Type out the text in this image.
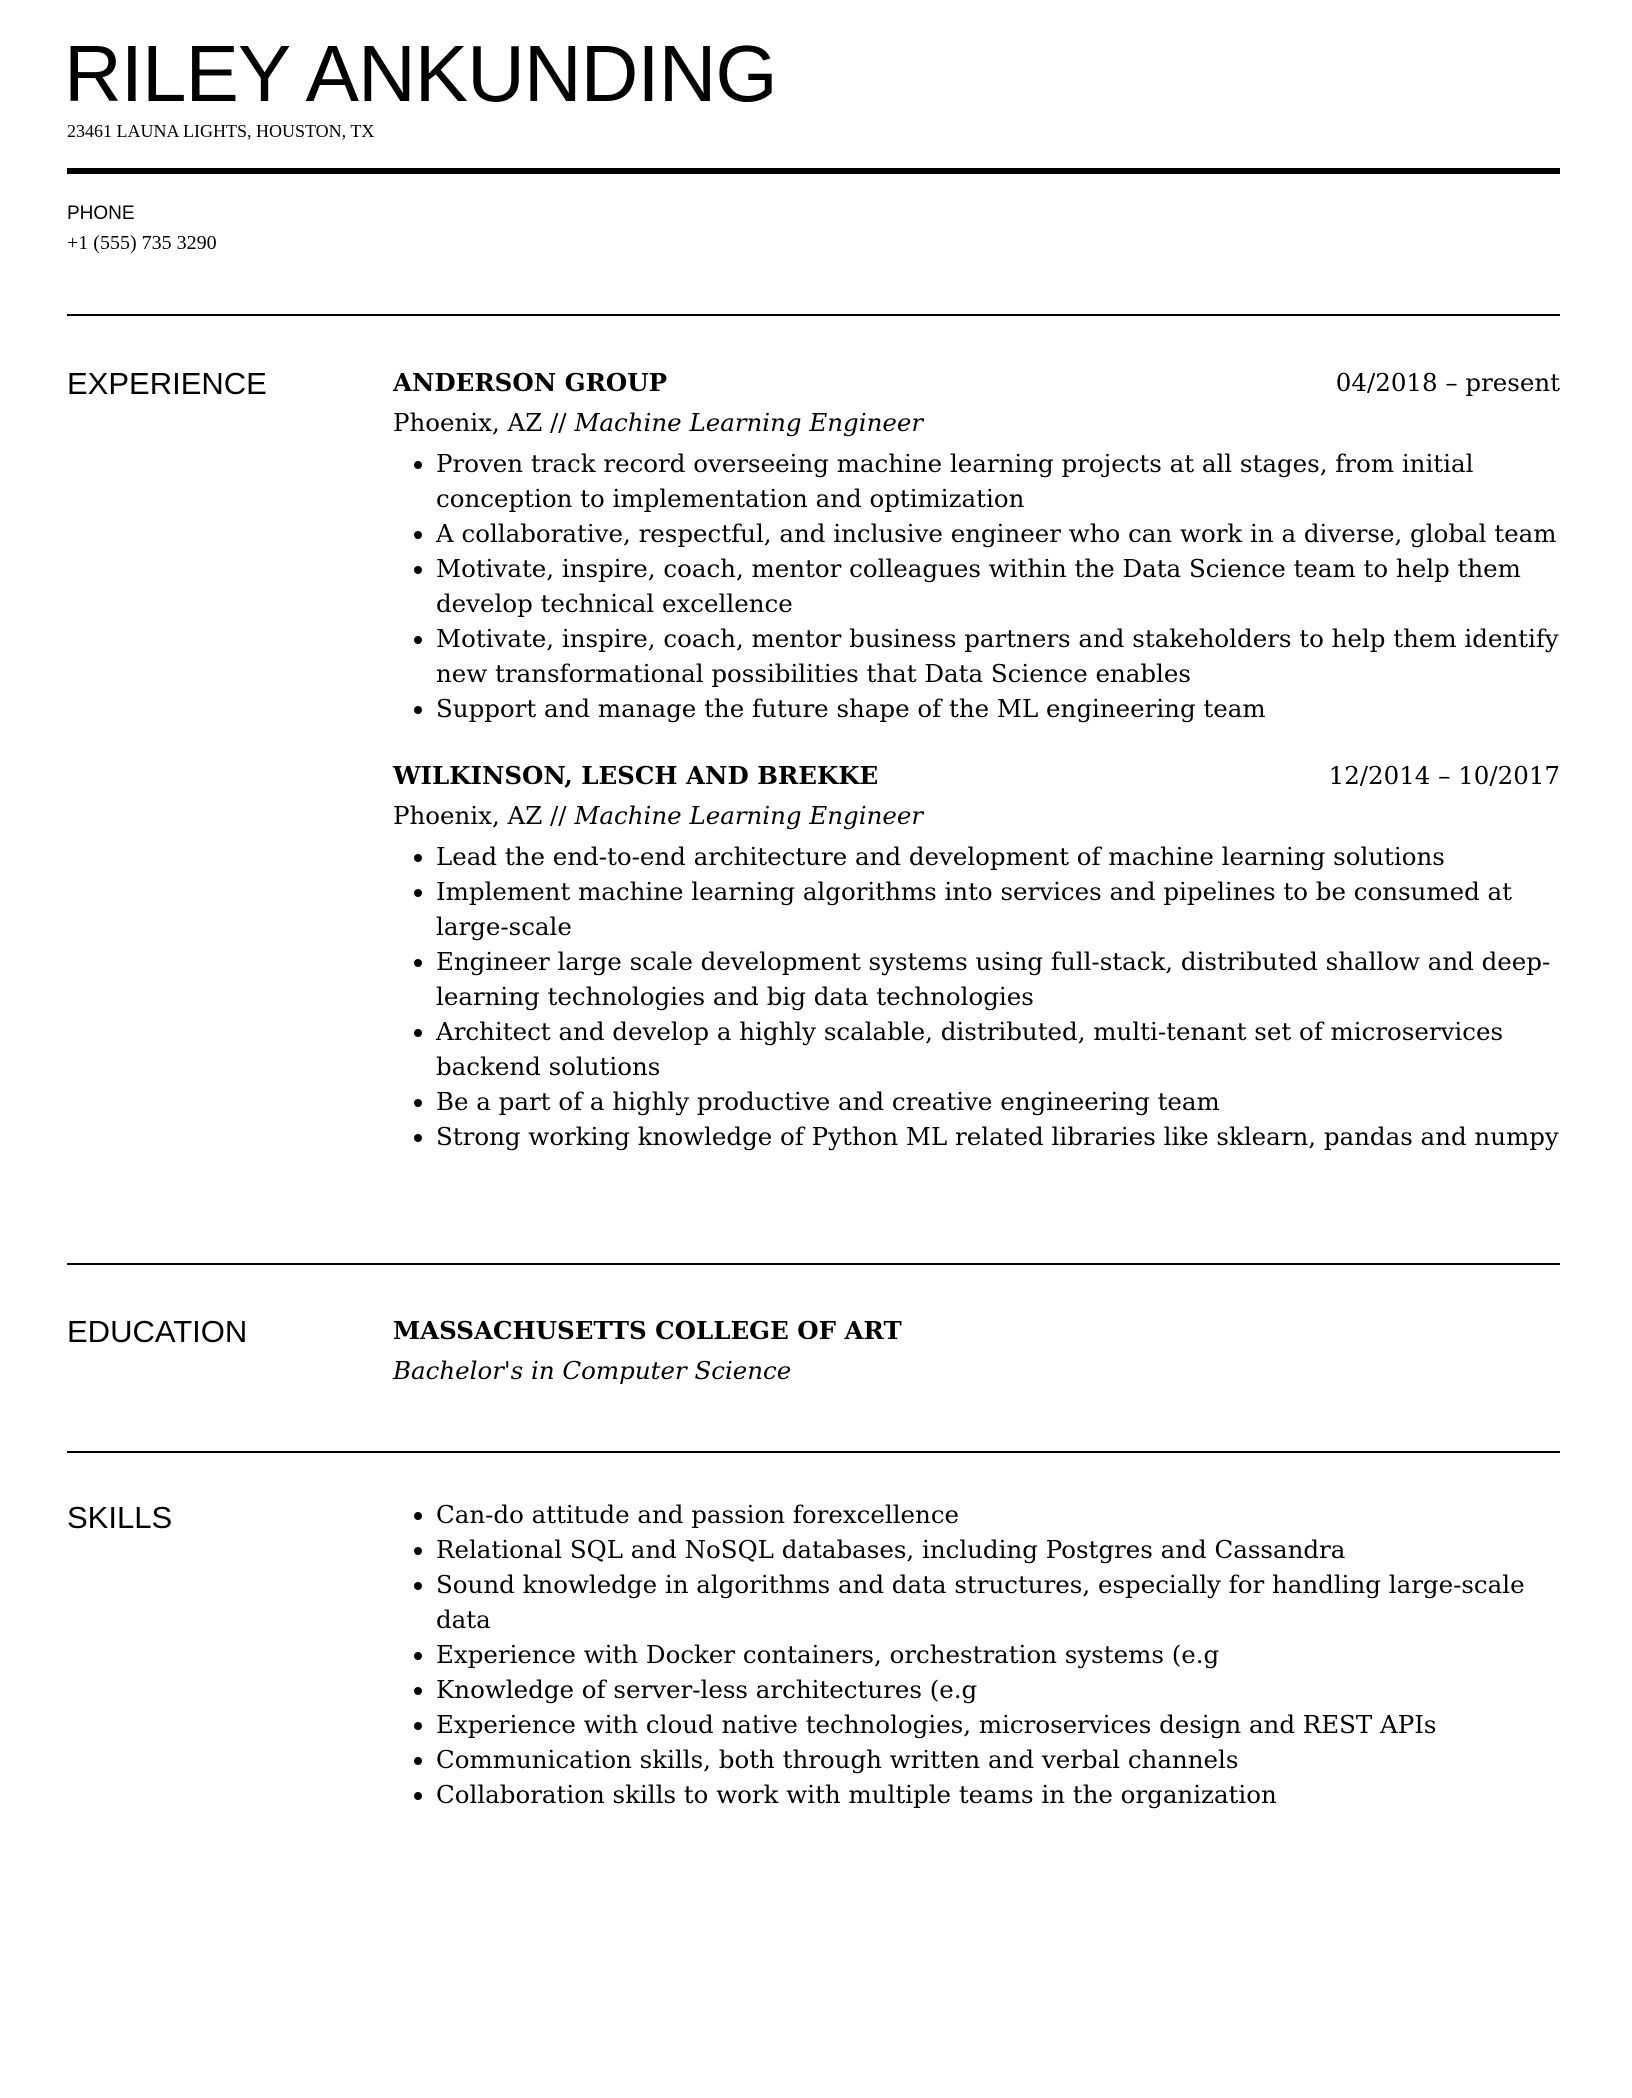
RILEY ANKUNDING
23461 LAUNA LIGHTS, HOUSTON, TX
PHONE
+1 (555) 735 3290
EXPERIENCE	ANDERSON GROUP	04/2018 – present
Phoenix, AZ // Machine Learning Engineer
• Proven track record overseeing machine learning projects at all stages, from initial conception to implementation and optimization
• A collaborative, respectful, and inclusive engineer who can work in a diverse, global team
• Motivate, inspire, coach, mentor colleagues within the Data Science team to help them develop technical excellence
• Motivate, inspire, coach, mentor business partners and stakeholders to help them identify new transformational possibilities that Data Science enables
• Support and manage the future shape of the ML engineering team
WILKINSON, LESCH AND BREKKE	12/2014 – 10/2017
Phoenix, AZ // Machine Learning Engineer
• Lead the end-to-end architecture and development of machine learning solutions
• Implement machine learning algorithms into services and pipelines to be consumed at large-scale
• Engineer large scale development systems using full-stack, distributed shallow and deep-learning technologies and big data technologies
• Architect and develop a highly scalable, distributed, multi-tenant set of microservices backend solutions
• Be a part of a highly productive and creative engineering team
• Strong working knowledge of Python ML related libraries like sklearn, pandas and numpy
EDUCATION	MASSACHUSETTS COLLEGE OF ART
Bachelor's in Computer Science
SKILLS	• Can-do attitude and passion forexcellence
• Relational SQL and NoSQL databases, including Postgres and Cassandra
• Sound knowledge in algorithms and data structures, especially for handling large-scale data
• Experience with Docker containers, orchestration systems (e.g
• Knowledge of server-less architectures (e.g
• Experience with cloud native technologies, microservices design and REST APIs
• Communication skills, both through written and verbal channels
• Collaboration skills to work with multiple teams in the organization
